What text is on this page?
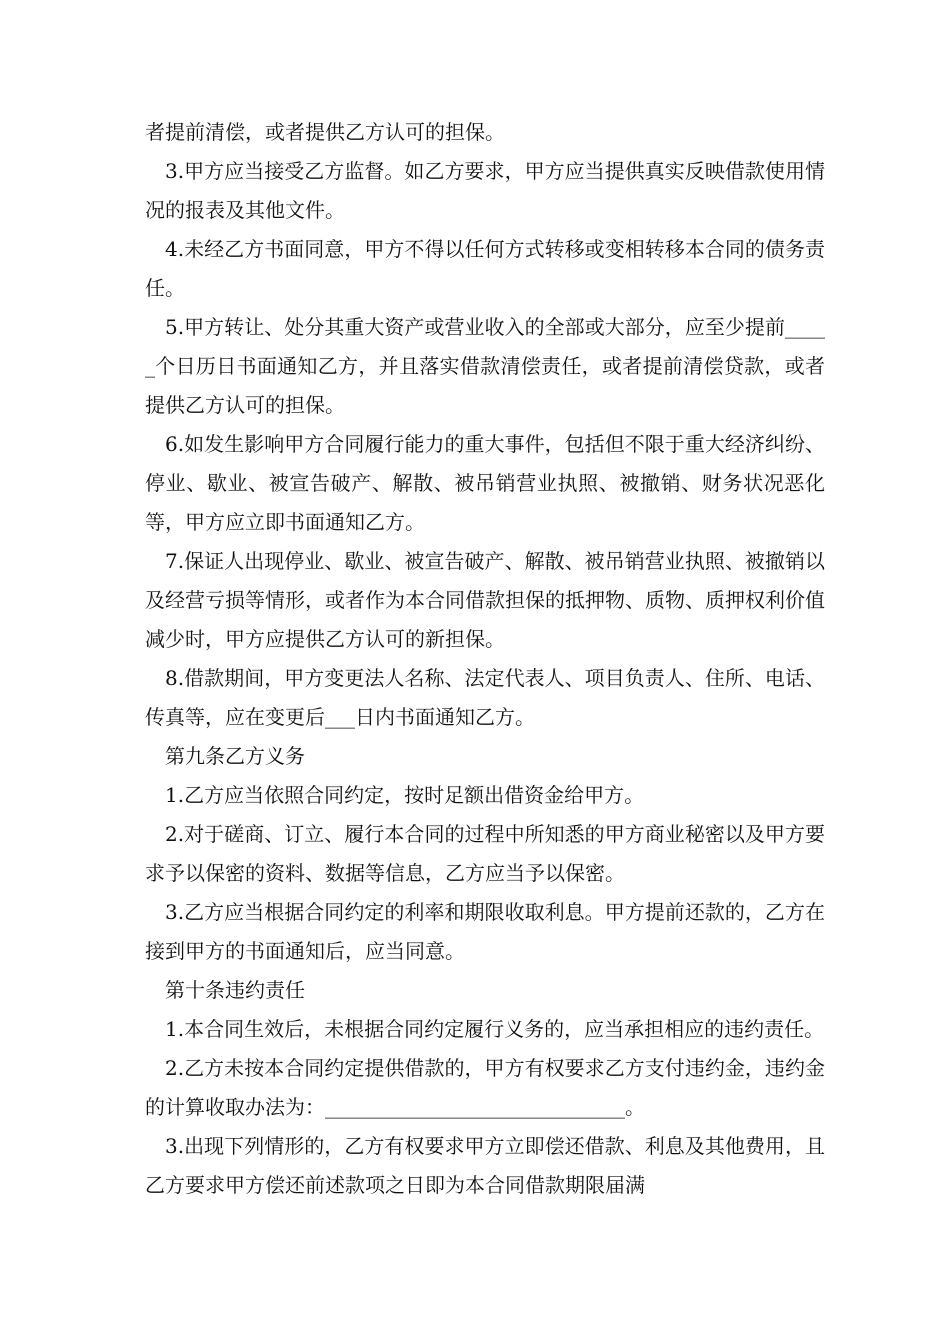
者提前清偿，或者提供乙方认可的担保。

3.甲方应当接受乙方监督。如乙方要求，甲方应当提供真实反映借款使用情况的报表及其他文件。

4.未经乙方书面同意，甲方不得以任何方式转移或变相转移本合同的债务责任。

5.甲方转让、处分其重大资产或营业收入的全部或大部分，应至少提前_____个日历日书面通知乙方，并且落实借款清偿责任，或者提前清偿贷款，或者提供乙方认可的担保。

6.如发生影响甲方合同履行能力的重大事件，包括但不限于重大经济纠纷、停业、歇业、被宣告破产、解散、被吊销营业执照、被撤销、财务状况恶化等，甲方应立即书面通知乙方。

7.保证人出现停业、歇业、被宣告破产、解散、被吊销营业执照、被撤销以及经营亏损等情形，或者作为本合同借款担保的抵押物、质物、质押权利价值减少时，甲方应提供乙方认可的新担保。

8.借款期间，甲方变更法人名称、法定代表人、项目负责人、住所、电话、传真等，应在变更后___日内书面通知乙方。

第九条乙方义务

1.乙方应当依照合同约定，按时足额出借资金给甲方。

2.对于磋商、订立、履行本合同的过程中所知悉的甲方商业秘密以及甲方要求予以保密的资料、数据等信息，乙方应当予以保密。

3.乙方应当根据合同约定的利率和期限收取利息。甲方提前还款的，乙方在接到甲方的书面通知后，应当同意。

第十条违约责任

1.本合同生效后，未根据合同约定履行义务的，应当承担相应的违约责任。

2.乙方未按本合同约定提供借款的，甲方有权要求乙方支付违约金，违约金的计算收取办法为：______________________________。

3.出现下列情形的，乙方有权要求甲方立即偿还借款、利息及其他费用，且乙方要求甲方偿还前述款项之日即为本合同借款期限届满
